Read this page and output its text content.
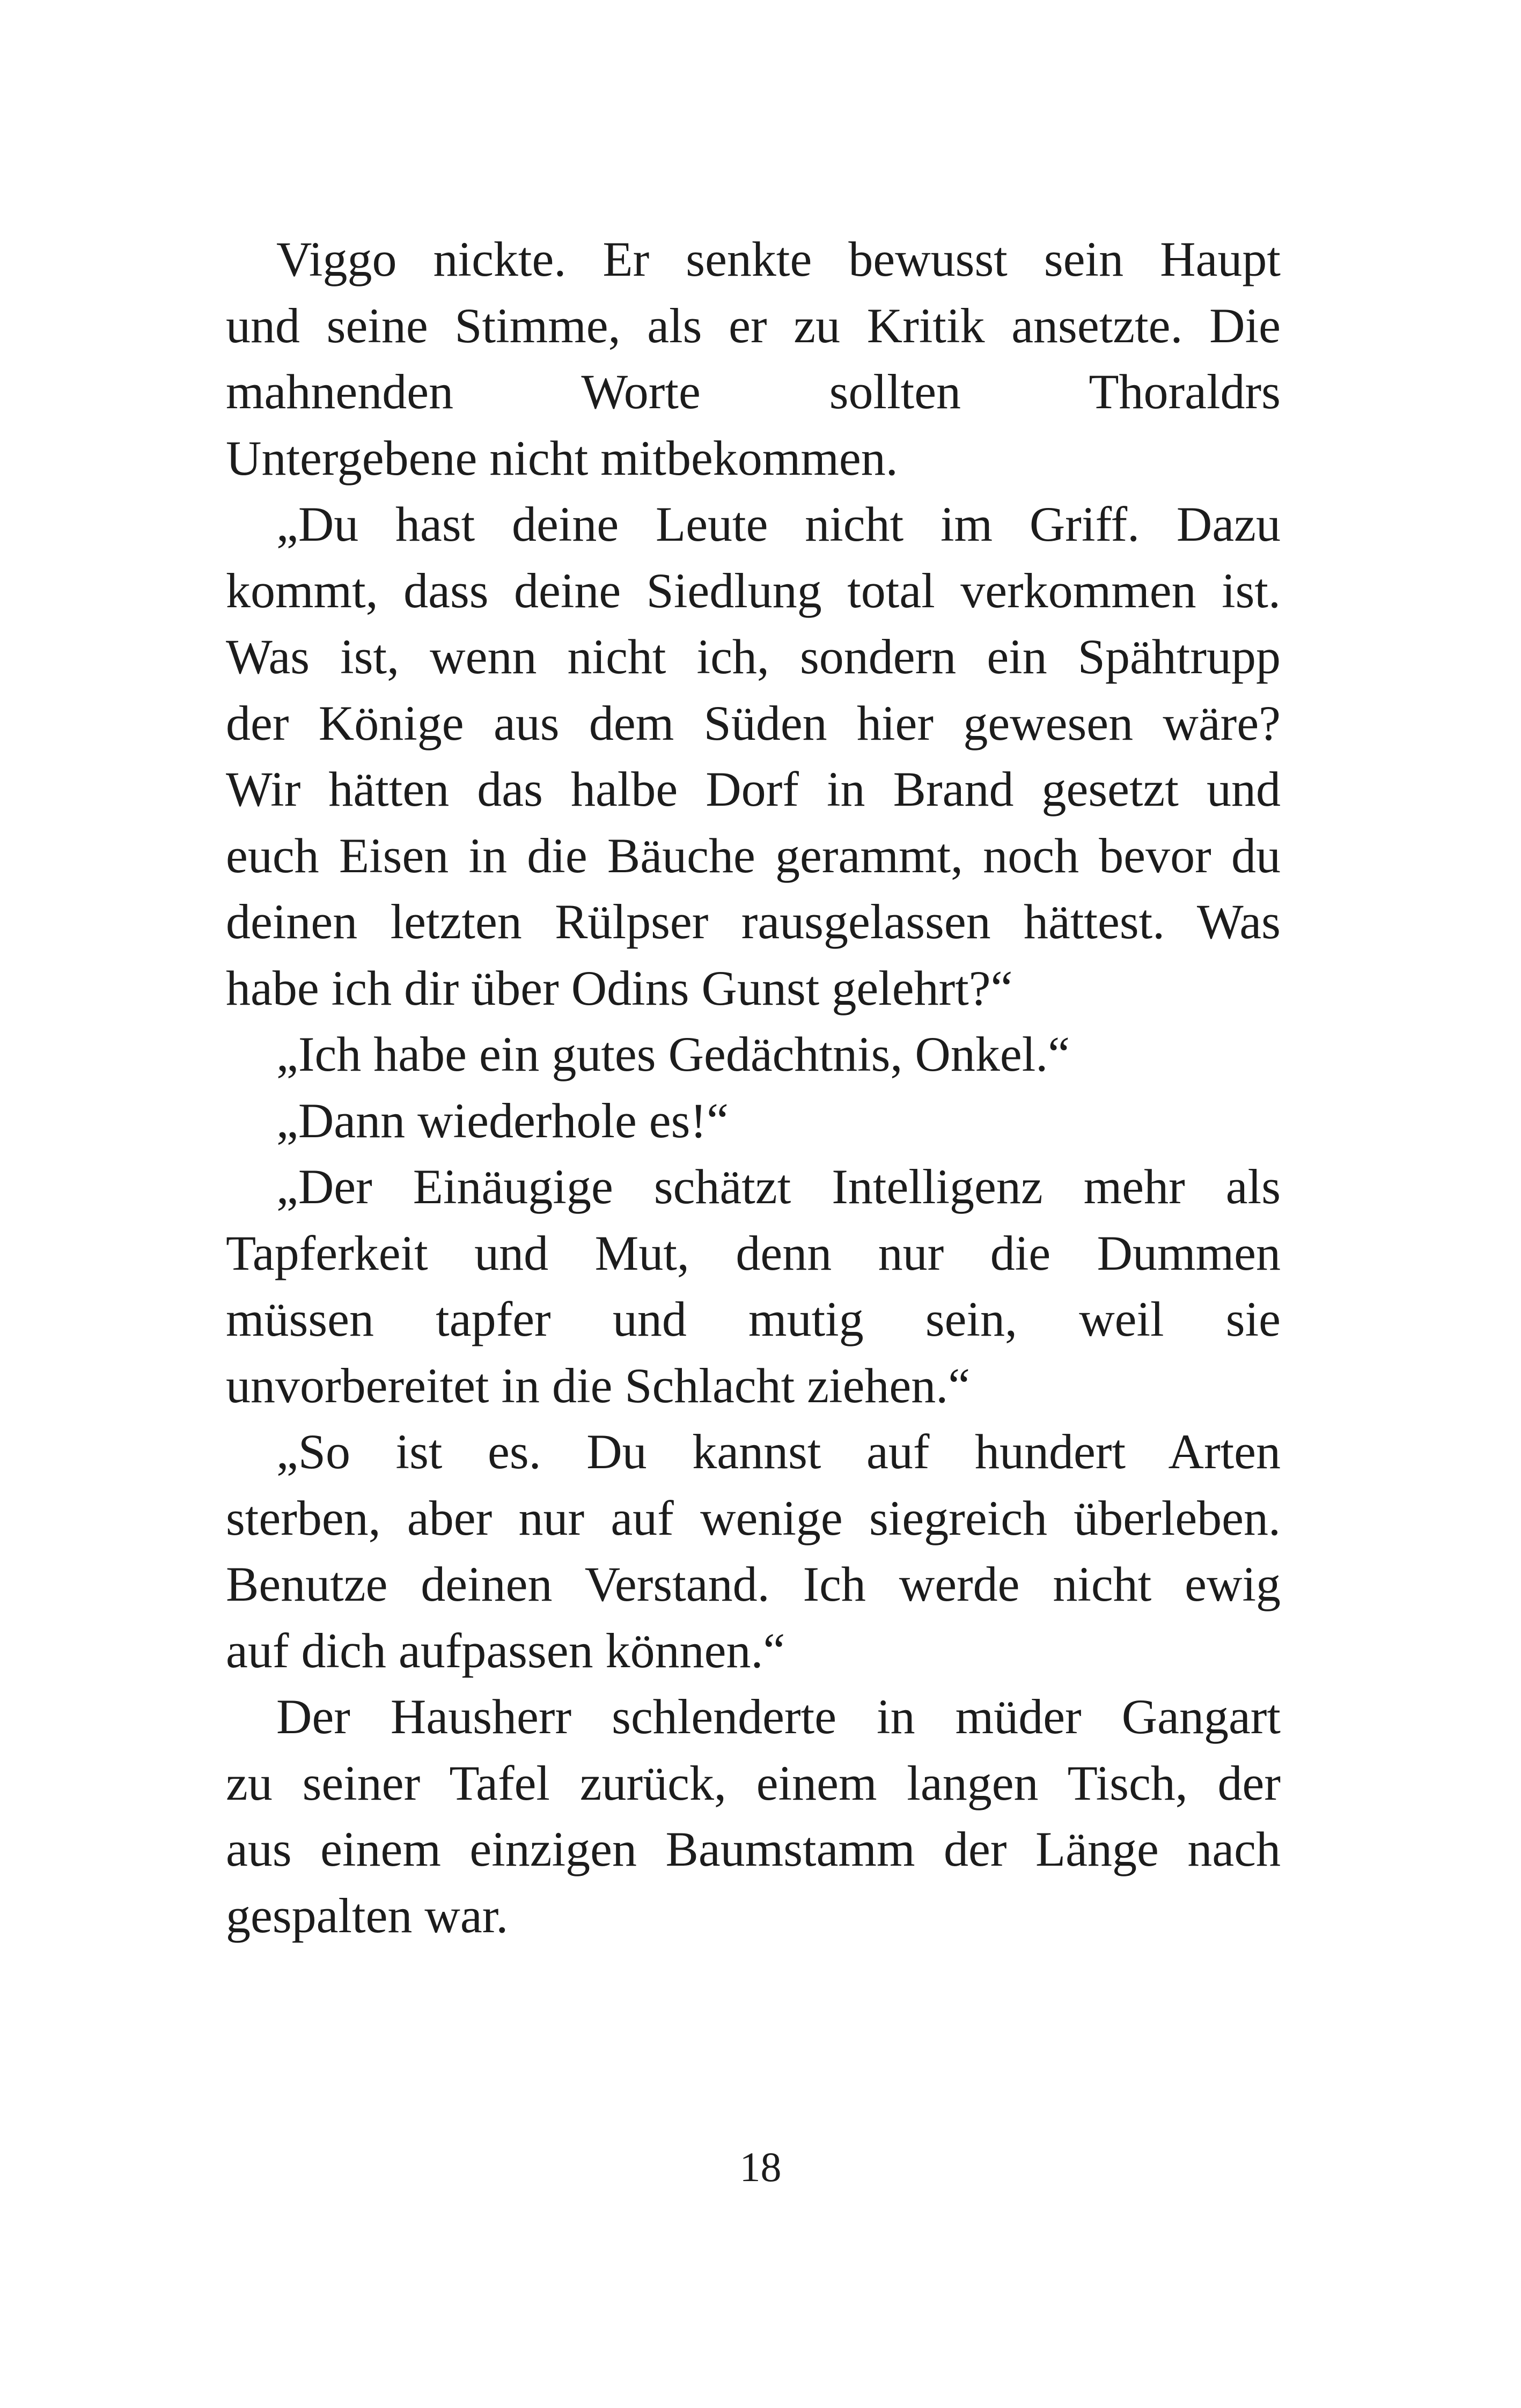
Viggo nickte. Er senkte bewusst sein Haupt
und seine Stimme, als er zu Kritik ansetzte. Die
mahnenden Worte sollten Thoraldrs
Untergebene nicht mitbekommen.

„Du hast deine Leute nicht im Griff. Dazu
kommt, dass deine Siedlung total verkommen ist.
Was ist, wenn nicht ich, sondern ein Spähtrupp
der Könige aus dem Süden hier gewesen wäre?
Wir hätten das halbe Dorf in Brand gesetzt und
euch Eisen in die Bäuche gerammt, noch bevor du
deinen letzten Rülpser rausgelassen hättest. Was
habe ich dir über Odins Gunst gelehrt?“

„Ich habe ein gutes Gedächtnis, Onkel.“

„Dann wiederhole es!“

„Der Einäugige schätzt Intelligenz mehr als
Tapferkeit und Mut, denn nur die Dummen
müssen tapfer und mutig sein, weil sie
unvorbereitet in die Schlacht ziehen.“

„So ist es. Du kannst auf hundert Arten
sterben, aber nur auf wenige siegreich überleben.
Benutze deinen Verstand. Ich werde nicht ewig
auf dich aufpassen können.“

Der Hausherr schlenderte in müder Gangart
zu seiner Tafel zurück, einem langen Tisch, der
aus einem einzigen Baumstamm der Länge nach
gespalten war.

18
